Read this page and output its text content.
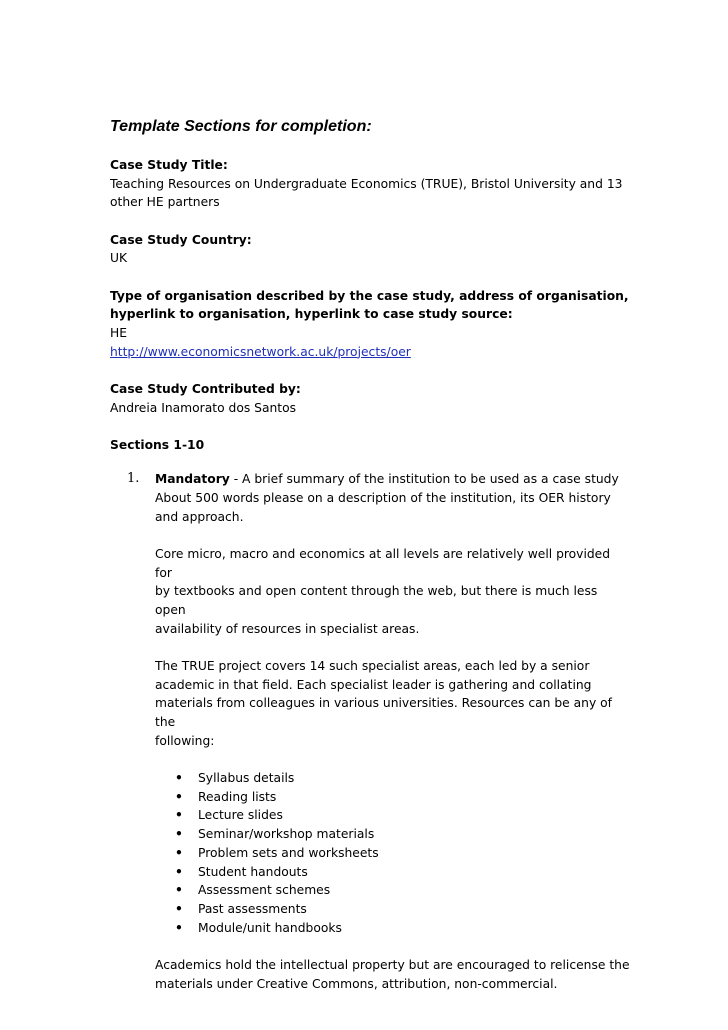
Template Sections for completion:
Case Study Title:
Teaching Resources on Undergraduate Economics (TRUE), Bristol University and 13
other HE partners
Case Study Country:
UK
Type of organisation described by the case study, address of organisation,
hyperlink to organisation, hyperlink to case study source:
HE
http://www.economicsnetwork.ac.uk/projects/oer
Case Study Contributed by:
Andreia Inamorato dos Santos
Sections 1-10
1. Mandatory - A brief summary of the institution to be used as a case study
About 500 words please on a description of the institution, its OER history
and approach.
Core micro, macro and economics at all levels are relatively well provided for
by textbooks and open content through the web, but there is much less open
availability of resources in specialist areas.
The TRUE project covers 14 such specialist areas, each led by a senior
academic in that field. Each specialist leader is gathering and collating
materials from colleagues in various universities. Resources can be any of the
following:
• Syllabus details
• Reading lists
• Lecture slides
• Seminar/workshop materials
• Problem sets and worksheets
• Student handouts
• Assessment schemes
• Past assessments
• Module/unit handbooks
Academics hold the intellectual property but are encouraged to relicense the
materials under Creative Commons, attribution, non-commercial.
